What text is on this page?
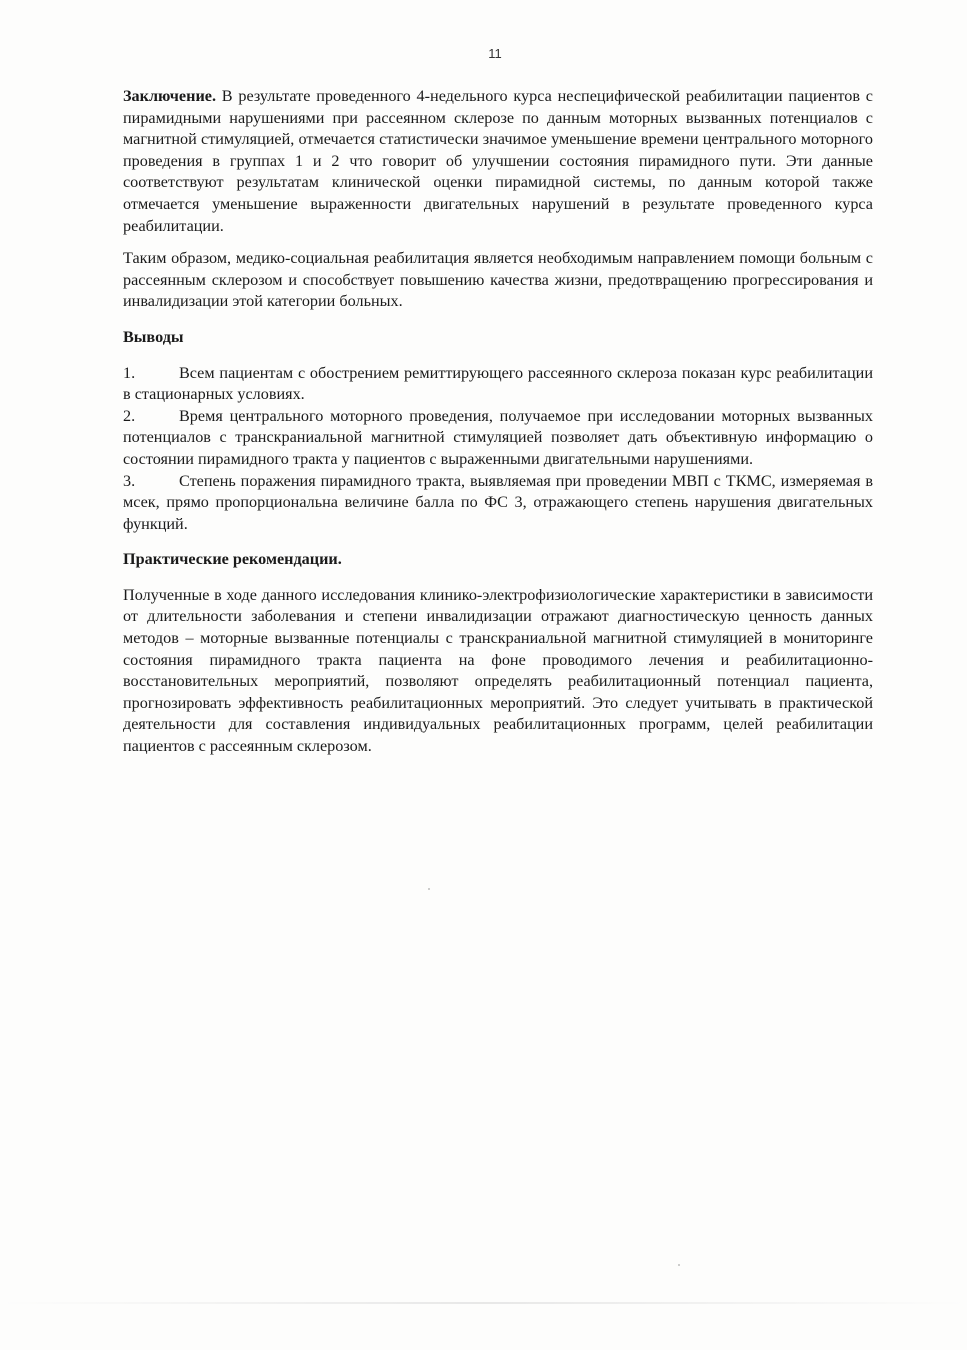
11

Заключение. В результате проведенного 4-недельного курса неспецифической реабилитации пациентов с пирамидными нарушениями при рассеянном склерозе по данным моторных вызванных потенциалов с магнитной стимуляцией, отмечается статистически значимое уменьшение времени центрального моторного проведения в группах 1 и 2 что говорит об улучшении состояния пирамидного пути. Эти данные соответствуют результатам клинической оценки пирамидной системы, по данным которой также отмечается уменьшение выраженности двигательных нарушений в результате проведенного курса реабилитации.

Таким образом, медико-социальная реабилитация является необходимым направлением помощи больным с рассеянным склерозом и способствует повышению качества жизни, предотвращению прогрессирования и инвалидизации этой категории больных.

Выводы

1.	Всем пациентам с обострением ремиттирующего рассеянного склероза показан курс реабилитации в стационарных условиях.

2.	Время центрального моторного проведения, получаемое при исследовании моторных вызванных потенциалов с транскраниальной магнитной стимуляцией позволяет дать объективную информацию о состоянии пирамидного тракта у пациентов с выраженными двигательными нарушениями.

3.	Степень поражения пирамидного тракта, выявляемая при проведении МВП с ТКМС, измеряемая в мсек, прямо пропорциональна величине балла по ФС 3, отражающего степень нарушения двигательных функций.

Практические рекомендации.

Полученные в ходе данного исследования клинико-электрофизиологические характеристики в зависимости от длительности заболевания и степени инвалидизации отражают диагностическую ценность данных методов – моторные вызванные потенциалы с транскраниальной магнитной стимуляцией в мониторинге состояния пирамидного тракта пациента на фоне проводимого лечения и реабилитационно-восстановительных мероприятий, позволяют определять реабилитационный потенциал пациента, прогнозировать эффективность реабилитационных мероприятий. Это следует учитывать в практической деятельности для составления индивидуальных реабилитационных программ, целей реабилитации пациентов с рассеянным склерозом.
